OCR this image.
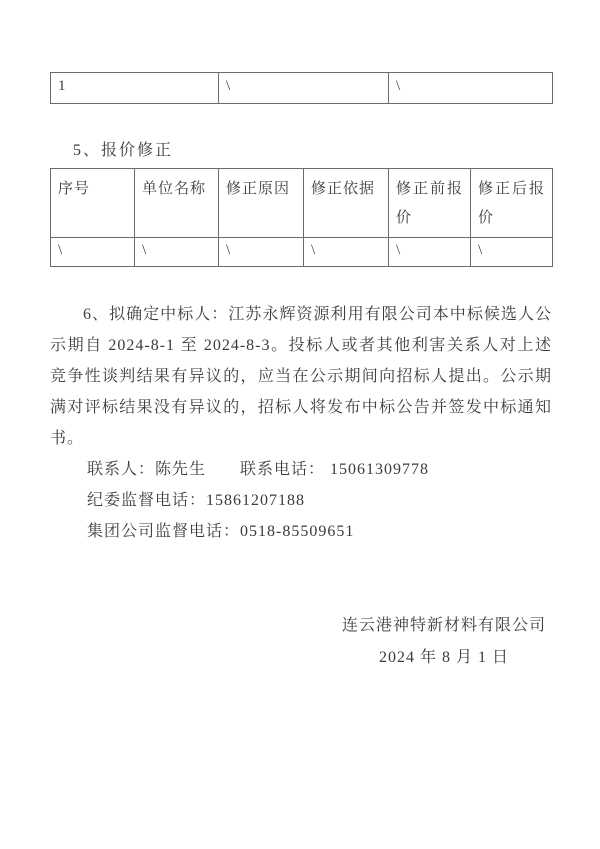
1	\	\
5、报价修正
序号	单位名称	修正原因	修正依据	修正前报价	修正后报价
\	\	\	\	\	\
6、拟确定中标人：江苏永辉资源利用有限公司本中标候选人公示期自 2024-8-1 至 2024-8-3。投标人或者其他利害关系人对上述竞争性谈判结果有异议的，应当在公示期间向招标人提出。公示期满对评标结果没有异议的，招标人将发布中标公告并签发中标通知书。
联系人：陈先生　　联系电话： 15061309778
纪委监督电话：15861207188
集团公司监督电话：0518-85509651
连云港神特新材料有限公司
2024 年 8 月 1 日
